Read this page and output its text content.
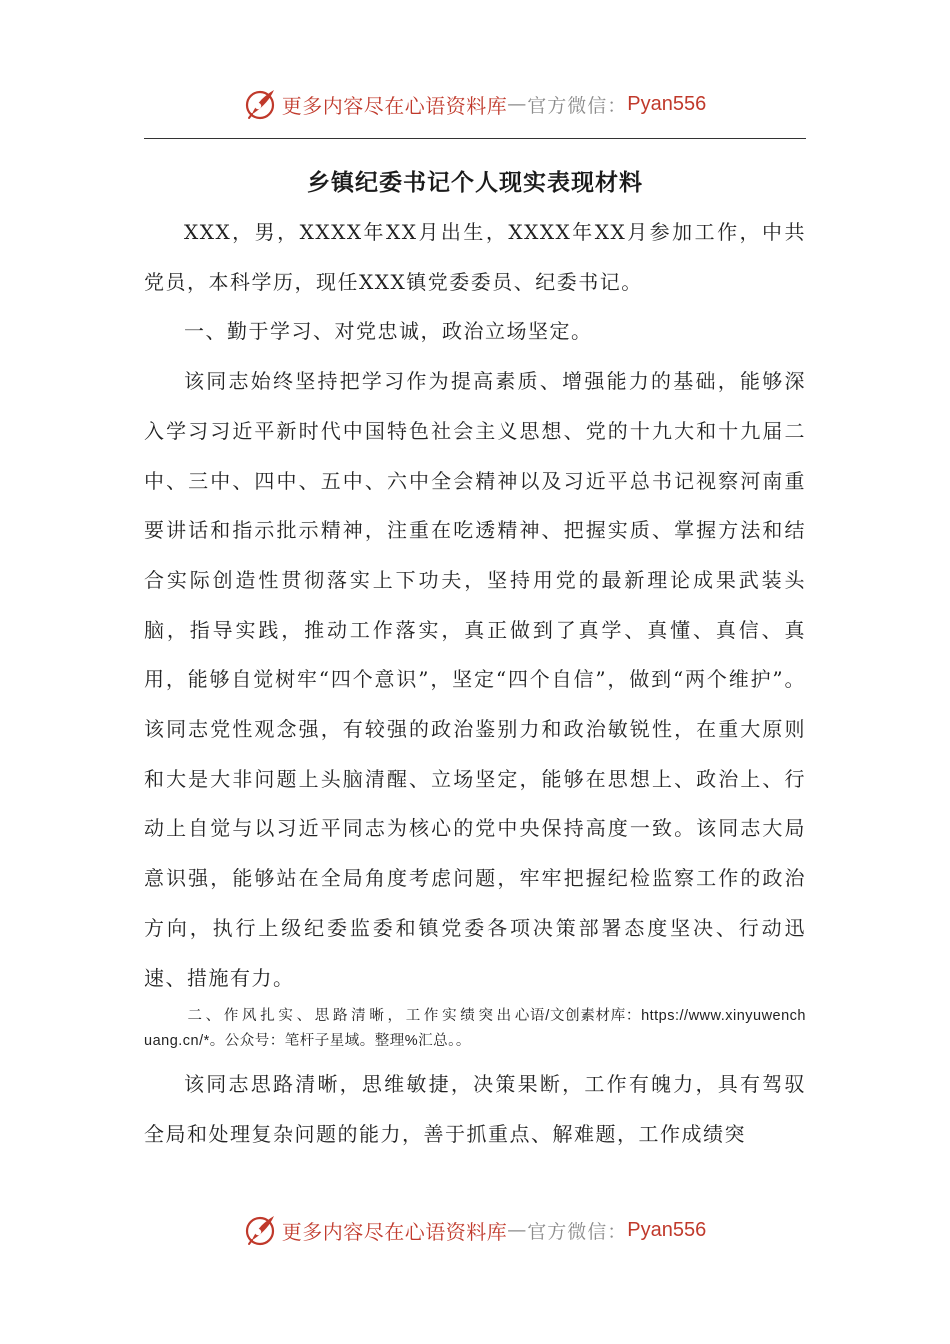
更多内容尽在心语资料库 — 官方微信： Pyan556
乡镇纪委书记个人现实表现材料

XXX，男，XXXX年XX月出生，XXXX年XX月参加工作，中共党员，本科学历，现任XXX镇党委委员、纪委书记。

一、勤于学习、对党忠诚，政治立场坚定。

该同志始终坚持把学习作为提高素质、增强能力的基础，能够深入学习习近平新时代中国特色社会主义思想、党的十九大和十九届二中、三中、四中、五中、六中全会精神以及习近平总书记视察河南重要讲话和指示批示精神，注重在吃透精神、把握实质、掌握方法和结合实际创造性贯彻落实上下功夫，坚持用党的最新理论成果武装头脑，指导实践，推动工作落实，真正做到了真学、真懂、真信、真用，能够自觉树牢“四个意识”，坚定“四个自信”，做到“两个维护”。该同志党性观念强，有较强的政治鉴别力和政治敏锐性，在重大原则和大是大非问题上头脑清醒、立场坚定，能够在思想上、政治上、行动上自觉与以习近平同志为核心的党中央保持高度一致。该同志大局意识强，能够站在全局角度考虑问题，牢牢把握纪检监察工作的政治方向，执行上级纪委监委和镇党委各项决策部署态度坚决、行动迅速、措施有力。

二、作风扎实、思路清晰，工作实绩突出心语/文创素材库：https://www.xinyuwenchuang.cn/*。公众号：笔杆子星域。整理%汇总。。

该同志思路清晰，思维敏捷，决策果断，工作有魄力，具有驾驭全局和处理复杂问题的能力，善于抓重点、解难题，工作成绩突

更多内容尽在心语资料库 — 官方微信： Pyan556
